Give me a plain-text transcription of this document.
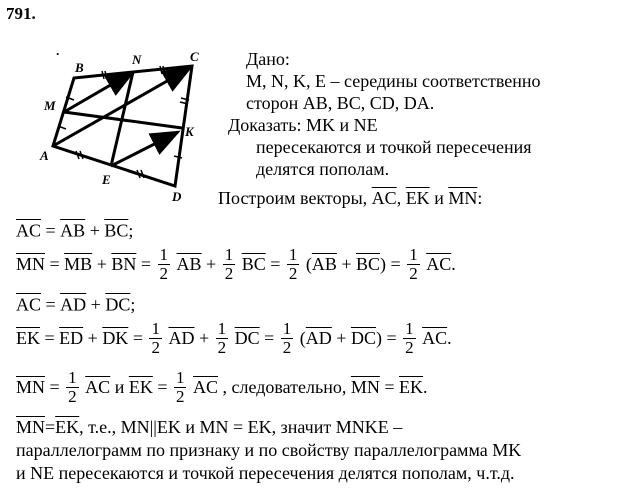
791.
·
B
N	C
M
K
A
E
D
Дано:
M, N, K, E – середины соответственно
сторон AB, BC, CD, DA.
Доказать: MK и NE
пересекаются и точкой пересечения
делятся пополам.
Построим векторы, $\overline{AC}$, $\overline{EK}$ и $\overline{MN}$:
$\overline{AC} = \overline{AB} + \overline{BC}$;
$\overline{MN} = \overline{MB} + \overline{BN} = \frac{1}{2} \overline{AB} + \frac{1}{2} \overline{BC} = \frac{1}{2} (\overline{AB} + \overline{BC}) = \frac{1}{2} \overline{AC}$.
$\overline{AC} = \overline{AD} + \overline{DC}$;
$\overline{EK} = \overline{ED} + \overline{DK} = \frac{1}{2} \overline{AD} + \frac{1}{2} \overline{DC} = \frac{1}{2} (\overline{AD} + \overline{DC}) = \frac{1}{2} \overline{AC}$.
$\overline{MN} = \frac{1}{2} \overline{AC}$ и $\overline{EK} = \frac{1}{2} \overline{AC}$ , следовательно, $\overline{MN} = \overline{EK}$.
$\overline{MN}=\overline{EK}$, т.е., MN||EK и MN = EK, значит MNKE –
параллелограмм по признаку и по свойству параллелограмма MK
и NE пересекаются и точкой пересечения делятся пополам, ч.т.д.
